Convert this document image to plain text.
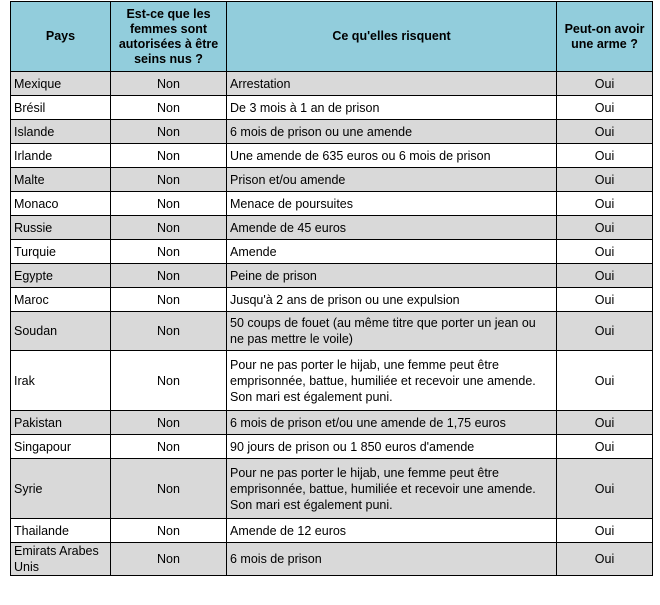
Pays	Est-ce que les femmes sont autorisées à être seins nus ?	Ce qu'elles risquent	Peut-on avoir une arme ?
Mexique	Non	Arrestation	Oui
Brésil	Non	De 3 mois à 1 an de prison	Oui
Islande	Non	6 mois de prison ou une amende	Oui
Irlande	Non	Une amende de 635 euros ou 6 mois de prison	Oui
Malte	Non	Prison et/ou amende	Oui
Monaco	Non	Menace de poursuites	Oui
Russie	Non	Amende de 45 euros	Oui
Turquie	Non	Amende	Oui
Egypte	Non	Peine de prison	Oui
Maroc	Non	Jusqu'à 2 ans de prison ou une expulsion	Oui
Soudan	Non	50 coups de fouet (au même titre que porter un jean ou ne pas mettre le voile)	Oui
Irak	Non	Pour ne pas porter le hijab, une femme peut être emprisonnée, battue, humiliée et recevoir une amende. Son mari est également puni.	Oui
Pakistan	Non	6 mois de prison et/ou une amende de 1,75 euros	Oui
Singapour	Non	90 jours de prison ou 1 850 euros d'amende	Oui
Syrie	Non	Pour ne pas porter le hijab, une femme peut être emprisonnée, battue, humiliée et recevoir une amende. Son mari est également puni.	Oui
Thailande	Non	Amende de 12 euros	Oui
Emirats Arabes Unis	Non	6 mois de prison	Oui
